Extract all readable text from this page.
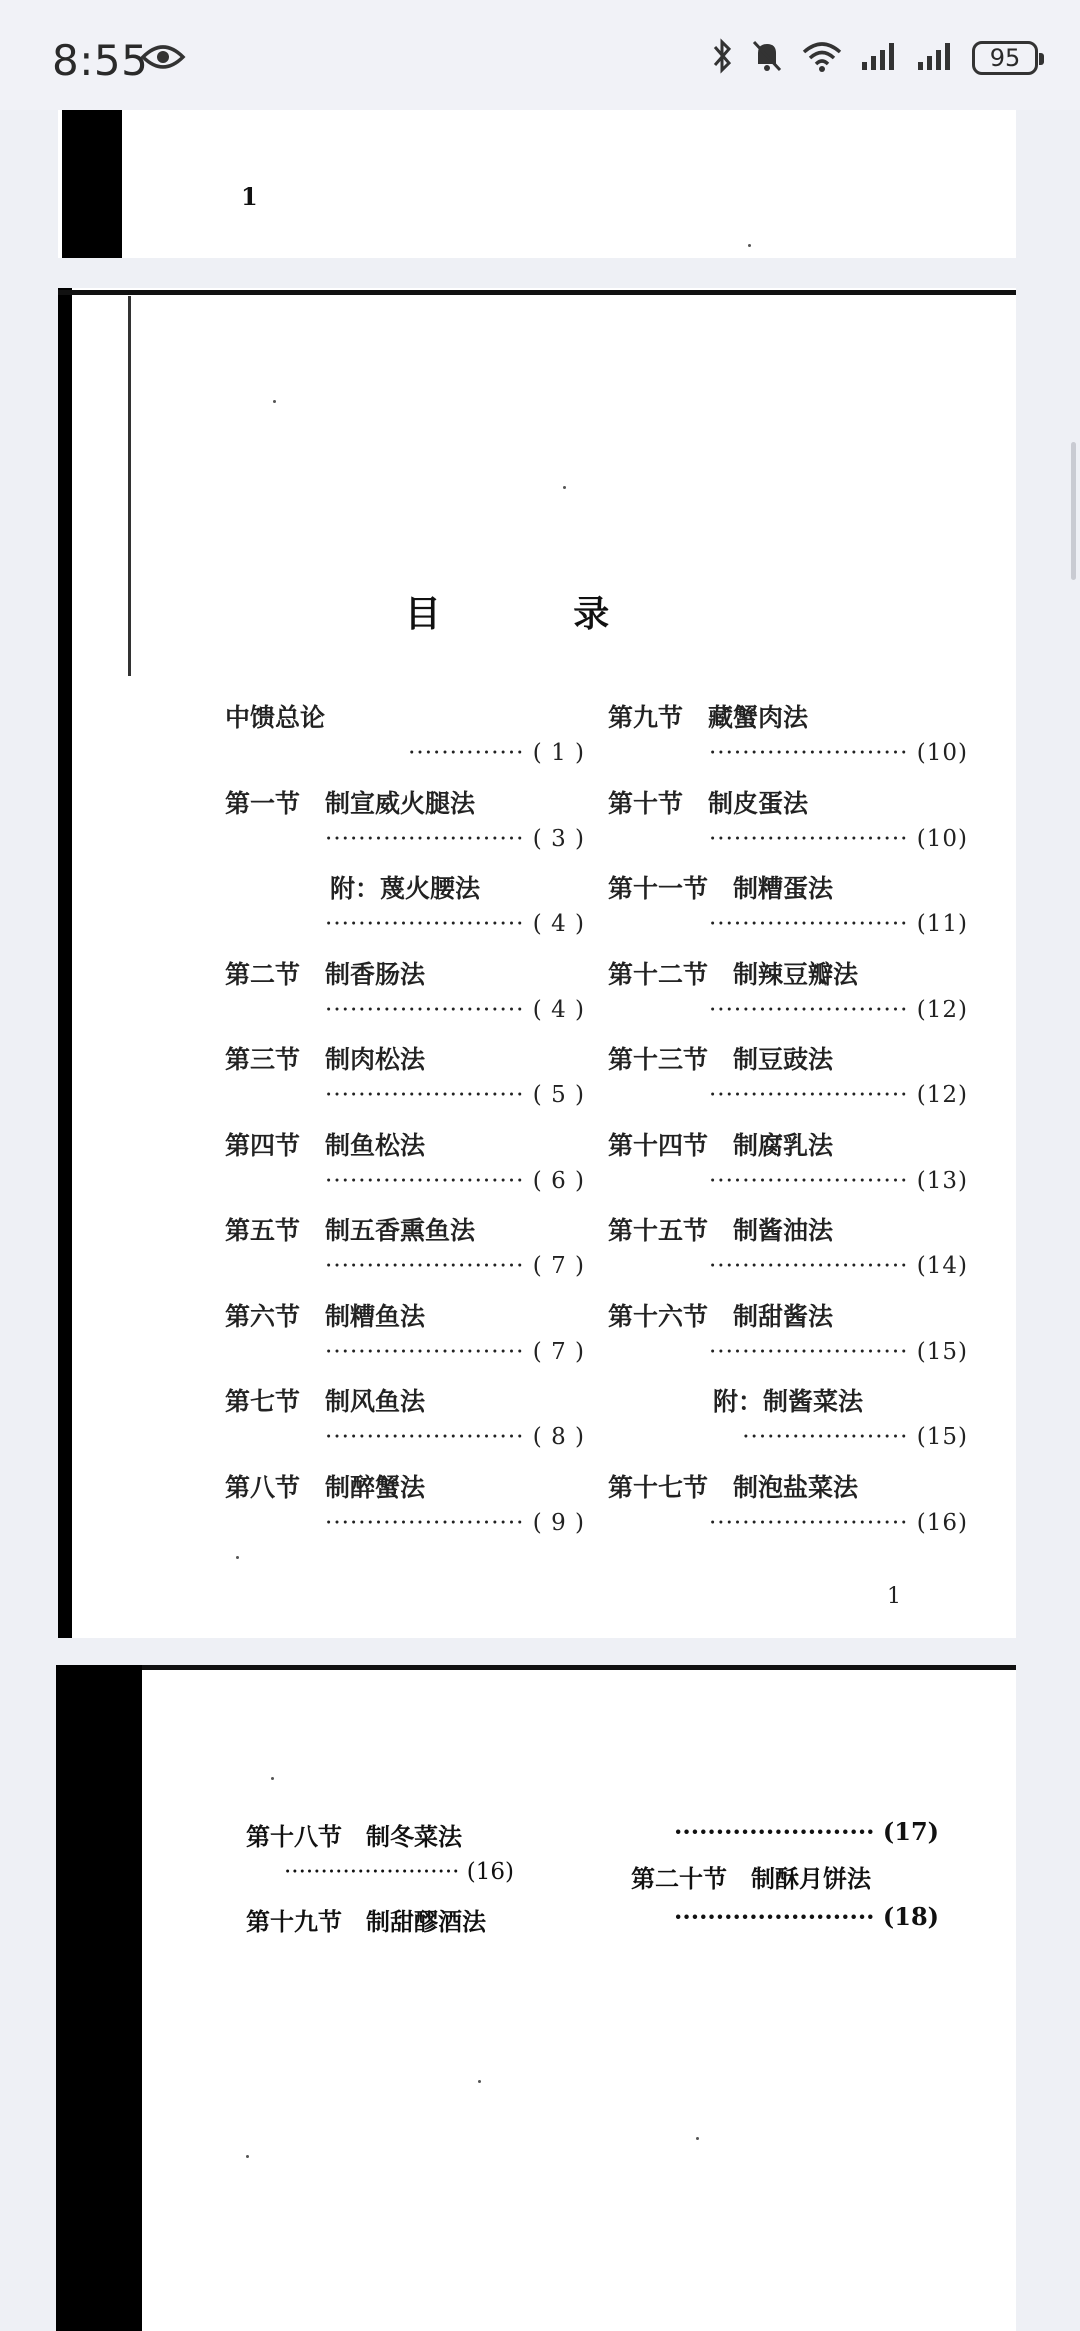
8:55	95
1
目 录
中馈总论
·············· ( 1 )
第一节　制宣威火腿法
························ ( 3 )
附：蔑火腰法
························ ( 4 )
第二节　制香肠法
························ ( 4 )
第三节　制肉松法
························ ( 5 )
第四节　制鱼松法
························ ( 6 )
第五节　制五香熏鱼法
························ ( 7 )
第六节　制糟鱼法
························ ( 7 )
第七节　制风鱼法
························ ( 8 )
第八节　制醉蟹法
························ ( 9 )
第九节　藏蟹肉法
························ (10)
第十节　制皮蛋法
························ (10)
第十一节　制糟蛋法
························ (11)
第十二节　制辣豆瓣法
························ (12)
第十三节　制豆豉法
························ (12)
第十四节　制腐乳法
························ (13)
第十五节　制酱油法
························ (14)
第十六节　制甜酱法
························ (15)
附：制酱菜法
···················· (15)
第十七节　制泡盐菜法
························ (16)
1
第十八节　制冬菜法
························ (16)
第十九节　制甜醪酒法
························ (17)
第二十节　制酥月饼法
························ (18)
